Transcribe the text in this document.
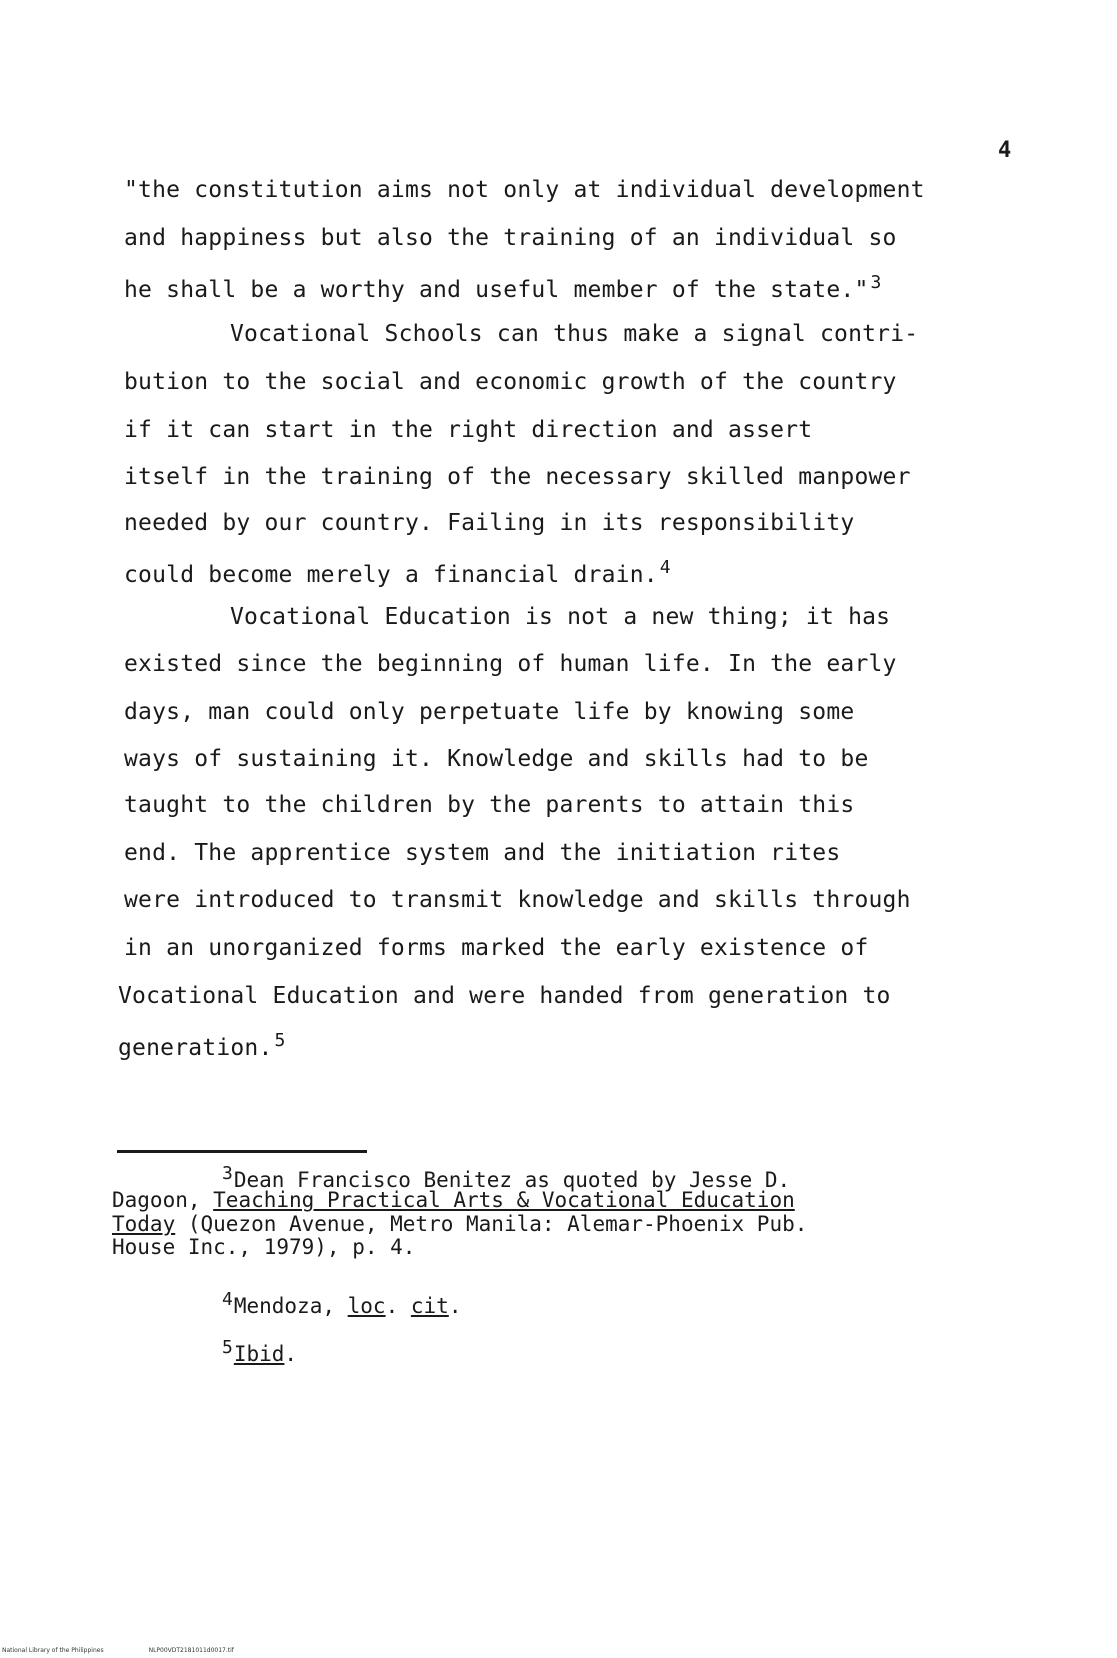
4
"the constitution aims not only at individual development
and happiness but also the training of an individual so
he shall be a worthy and useful member of the state." $^3$
Vocational Schools can thus make a signal contri-
bution to the social and economic growth of the country
if it can start in the right direction and assert
itself in the training of the necessary skilled manpower
needed by our country. Failing in its responsibility
could become merely a financial drain. $^4$
Vocational Education is not a new thing; it has
existed since the beginning of human life. In the early
days, man could only perpetuate life by knowing some
ways of sustaining it. Knowledge and skills had to be
taught to the children by the parents to attain this
end. The apprentice system and the initiation rites
were introduced to transmit knowledge and skills through
in an unorganized forms marked the early existence of
Vocational Education and were handed from generation to
generation. $^5$
3Dean Francisco Benitez as quoted by Jesse D.
Dagoon, Teaching Practical Arts & Vocational Education
Today (Quezon Avenue, Metro Manila: Alemar-Phoenix Pub.
House Inc., 1979), p. 4.
4Mendoza, loc. cit.
5Ibid.
National Library of the Philippines	NLP00VDT2181011d0017.tif
